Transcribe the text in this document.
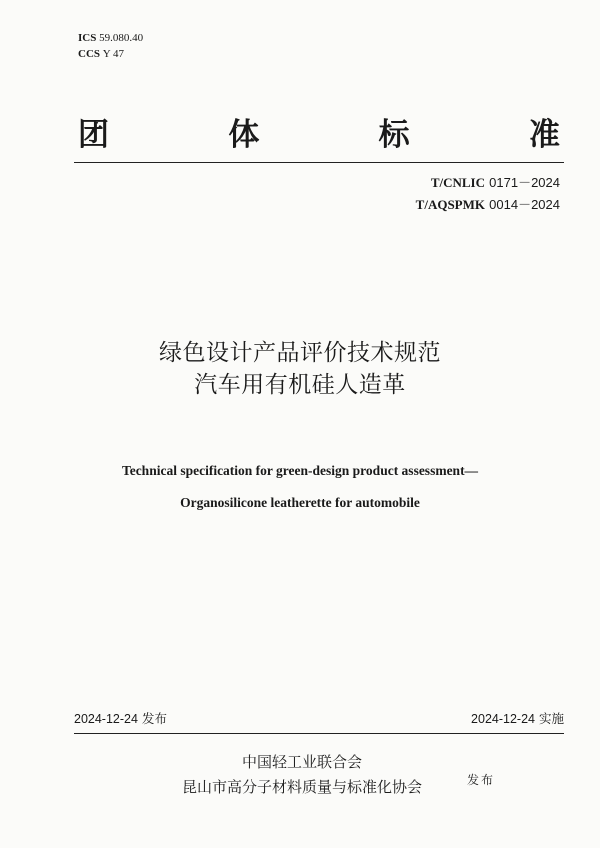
ICS 59.080.40
CCS Y 47
团	体	标	准
T/CNLIC 0171－2024
T/AQSPMK 0014－2024
绿色设计产品评价技术规范
汽车用有机硅人造革
Technical specification for green-design product assessment—
Organosilicone leatherette for automobile
2024-12-24 发布	2024-12-24 实施
中国轻工业联合会
昆山市高分子材料质量与标准化协会	发布
